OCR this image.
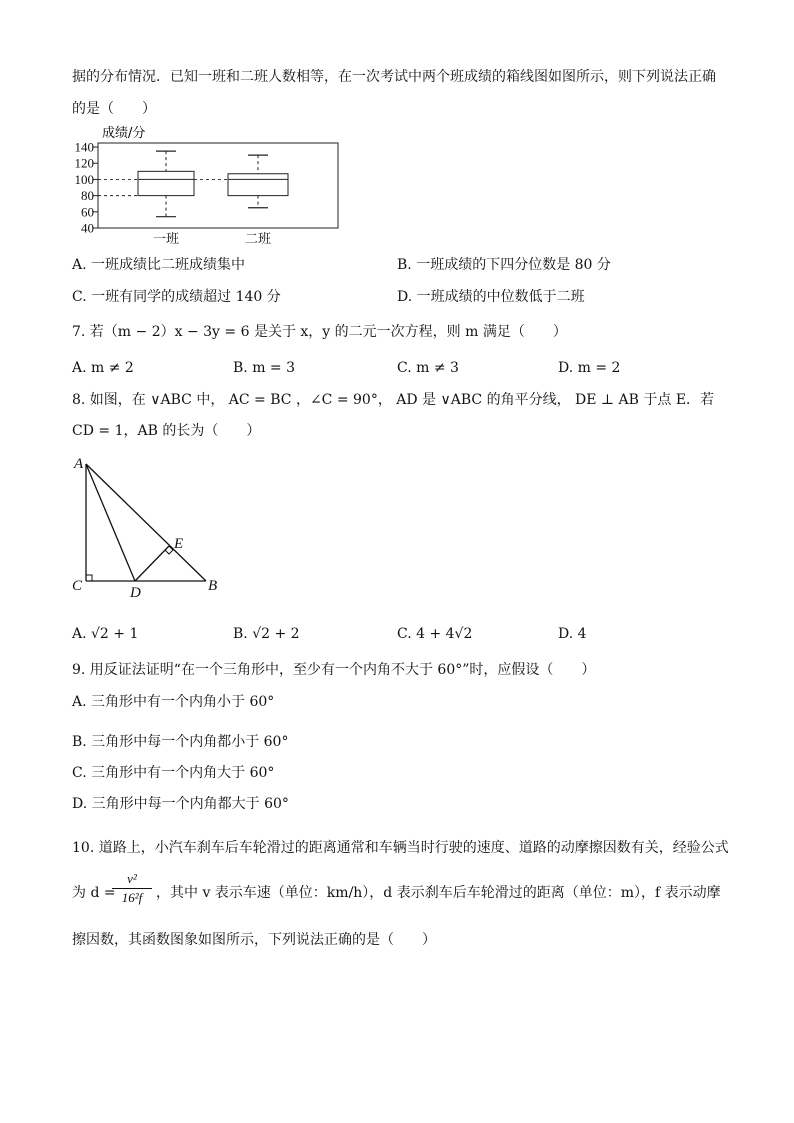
据的分布情况．已知一班和二班人数相等，在一次考试中两个班成绩的箱线图如图所示，则下列说法正确
的是（　　）
成绩/分
140
120
100
80
60
40
一班	二班
A. 一班成绩比二班成绩集中	B. 一班成绩的下四分位数是 80 分
C. 一班有同学的成绩超过 140 分	D. 一班成绩的中位数低于二班
7. 若（m − 2）x − 3y = 6 是关于 x，y 的二元一次方程，则 m 满足（　　）
A. m ≠ 2	B. m = 3	C. m ≠ 3	D. m = 2
8. 如图，在 ∨ABC 中， AC = BC ，∠C = 90°， AD 是 ∨ABC 的角平分线， DE ⊥ AB 于点 E．若
CD = 1，AB 的长为（　　）
A
B
C	D
E
A. √2 + 1	B. √2 + 2	C. 4 + 4√2	D. 4
9. 用反证法证明“在一个三角形中，至少有一个内角不大于 60°”时，应假设（　　）
A. 三角形中有一个内角小于 60°
B. 三角形中每一个内角都小于 60°
C. 三角形中有一个内角大于 60°
D. 三角形中每一个内角都大于 60°
10. 道路上，小汽车刹车后车轮滑过的距离通常和车辆当时行驶的速度、道路的动摩擦因数有关，经验公式
为 d =
$\frac{\text{v²}}{\text{16²f}}$ ，其中 v 表示车速（单位：km/h），d 表示刹车后车轮滑过的距离（单位：m），f 表示动摩
擦因数，其函数图象如图所示，下列说法正确的是（　　）
